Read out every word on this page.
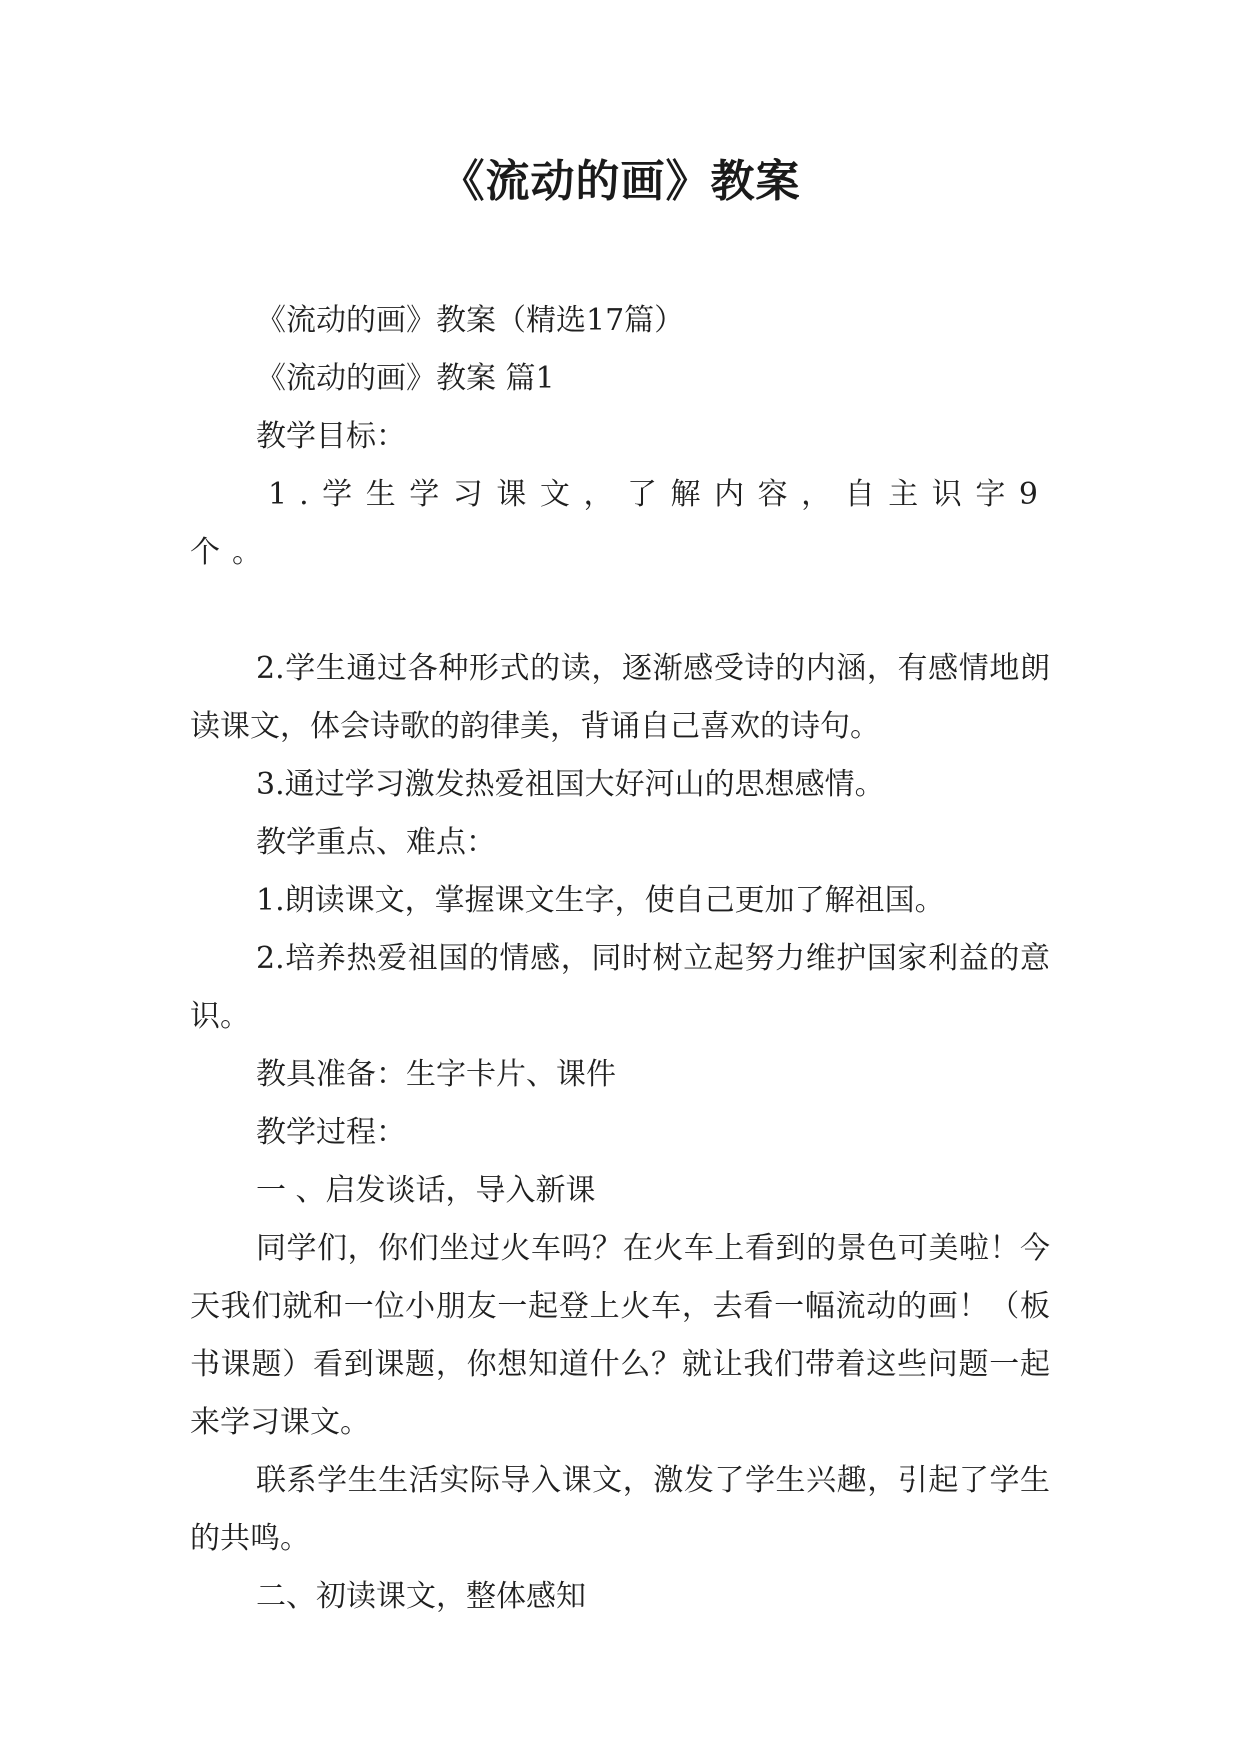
《流动的画》教案

《流动的画》教案（精选17篇）

《流动的画》教案 篇1

教学目标：

1.学生学习课文，了解内容，自主识字9个。

2.学生通过各种形式的读，逐渐感受诗的内涵，有感情地朗读课文，体会诗歌的韵律美，背诵自己喜欢的诗句。

3.通过学习激发热爱祖国大好河山的思想感情。

教学重点、难点：

1.朗读课文，掌握课文生字，使自己更加了解祖国。

2.培养热爱祖国的情感，同时树立起努力维护国家利益的意识。

教具准备：生字卡片、课件

教学过程：

一 、启发谈话，导入新课

同学们，你们坐过火车吗？在火车上看到的景色可美啦！今天我们就和一位小朋友一起登上火车，去看一幅流动的画！（板书课题）看到课题，你想知道什么？就让我们带着这些问题一起来学习课文。

联系学生生活实际导入课文，激发了学生兴趣，引起了学生的共鸣。

二、初读课文，整体感知
